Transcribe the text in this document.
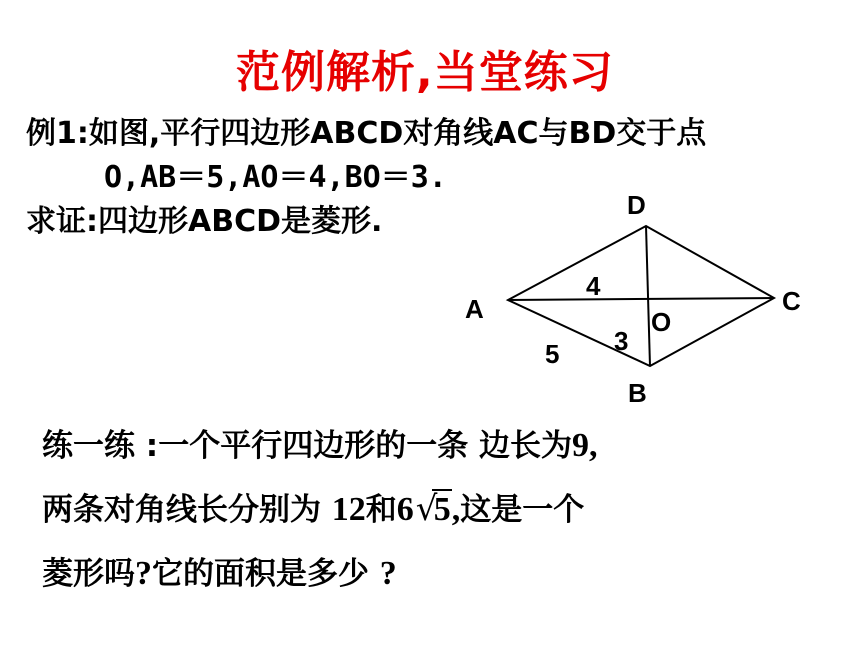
范例解析,当堂练习
例1:如图,平行四边形ABCD对角线AC与BD交于点
O,AB＝5,AO＝4,BO＝3.
求证:四边形ABCD是菱形.	D
A	C
O
B
4
3
5
练一练 :一个平行四边形的一条 边长为9,
两条对角线长分别为 12和6 √
5,这是一个
菱形吗?它的面积是多少 ?
